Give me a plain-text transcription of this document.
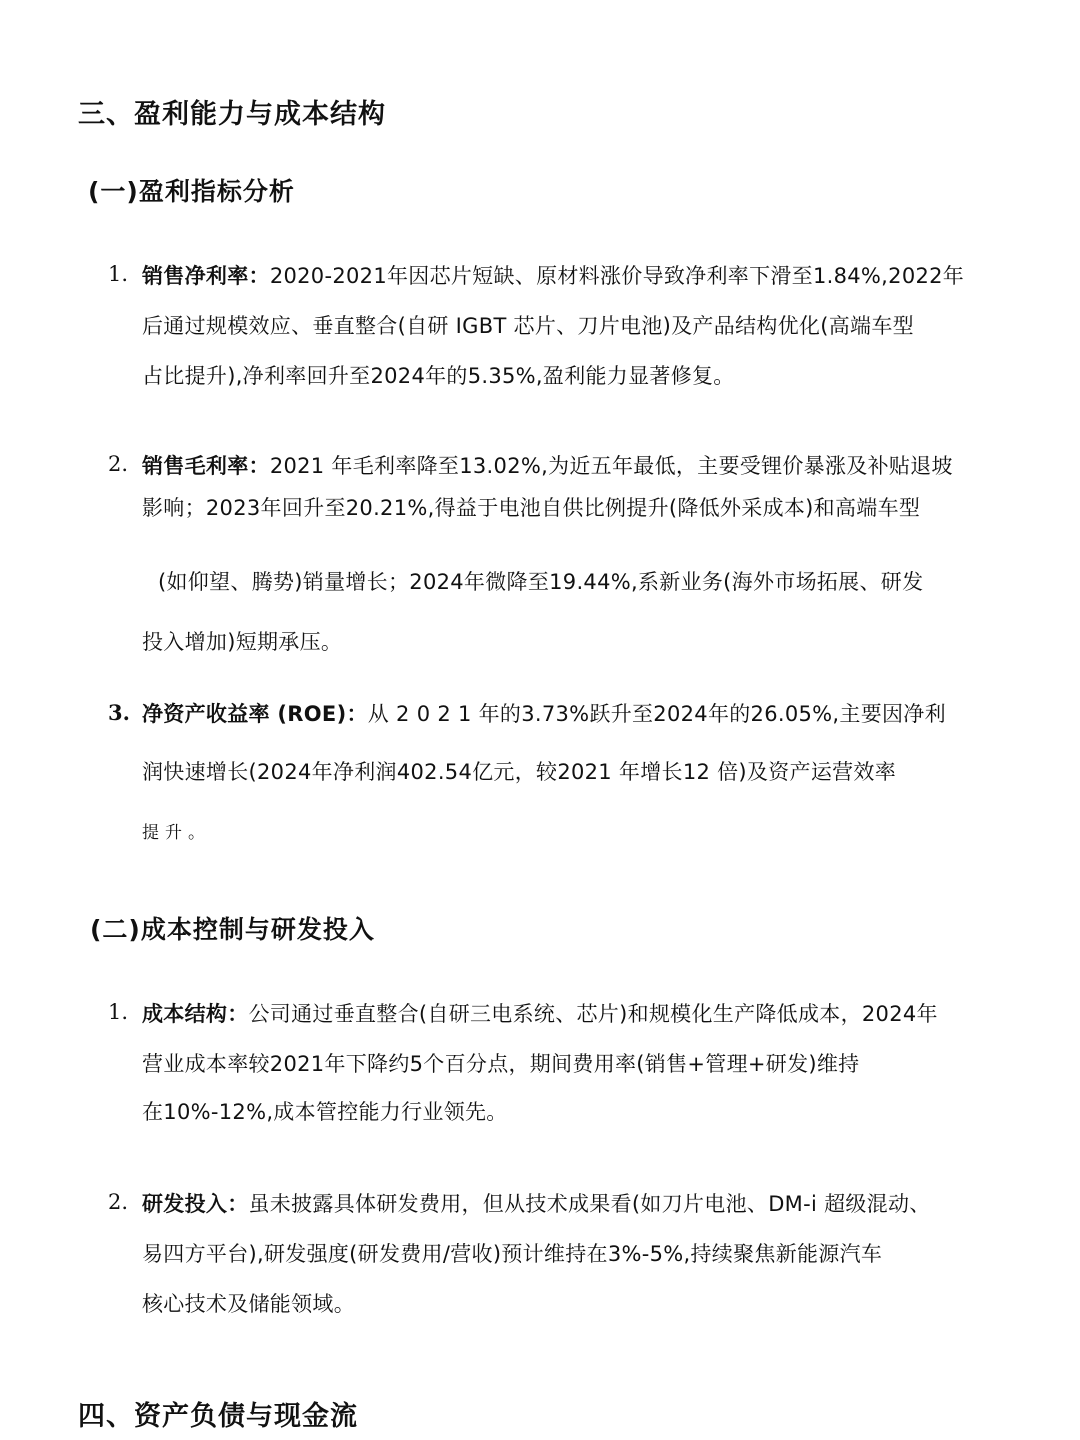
三、盈利能力与成本结构
(一)盈利指标分析
1. 销售净利率：2020-2021年因芯片短缺、原材料涨价导致净利率下滑至1.84%,2022年
后通过规模效应、垂直整合(自研 IGBT 芯片、刀片电池)及产品结构优化(高端车型
占比提升),净利率回升至2024年的5.35%,盈利能力显著修复。
2. 销售毛利率：2021 年毛利率降至13.02%,为近五年最低，主要受锂价暴涨及补贴退坡
影响；2023年回升至20.21%,得益于电池自供比例提升(降低外采成本)和高端车型
(如仰望、腾势)销量增长；2024年微降至19.44%,系新业务(海外市场拓展、研发
投入增加)短期承压。
3. 净资产收益率 (ROE)：从 2 0 2 1 年的3.73%跃升至2024年的26.05%,主要因净利
润快速增长(2024年净利润402.54亿元，较2021 年增长12 倍)及资产运营效率
提升。
(二)成本控制与研发投入
1. 成本结构：公司通过垂直整合(自研三电系统、芯片)和规模化生产降低成本，2024年
营业成本率较2021年下降约5个百分点，期间费用率(销售+管理+研发)维持
在10%-12%,成本管控能力行业领先。
2. 研发投入：虽未披露具体研发费用，但从技术成果看(如刀片电池、DM-i 超级混动、
易四方平台),研发强度(研发费用/营收)预计维持在3%-5%,持续聚焦新能源汽车
核心技术及储能领域。
四、资产负债与现金流
